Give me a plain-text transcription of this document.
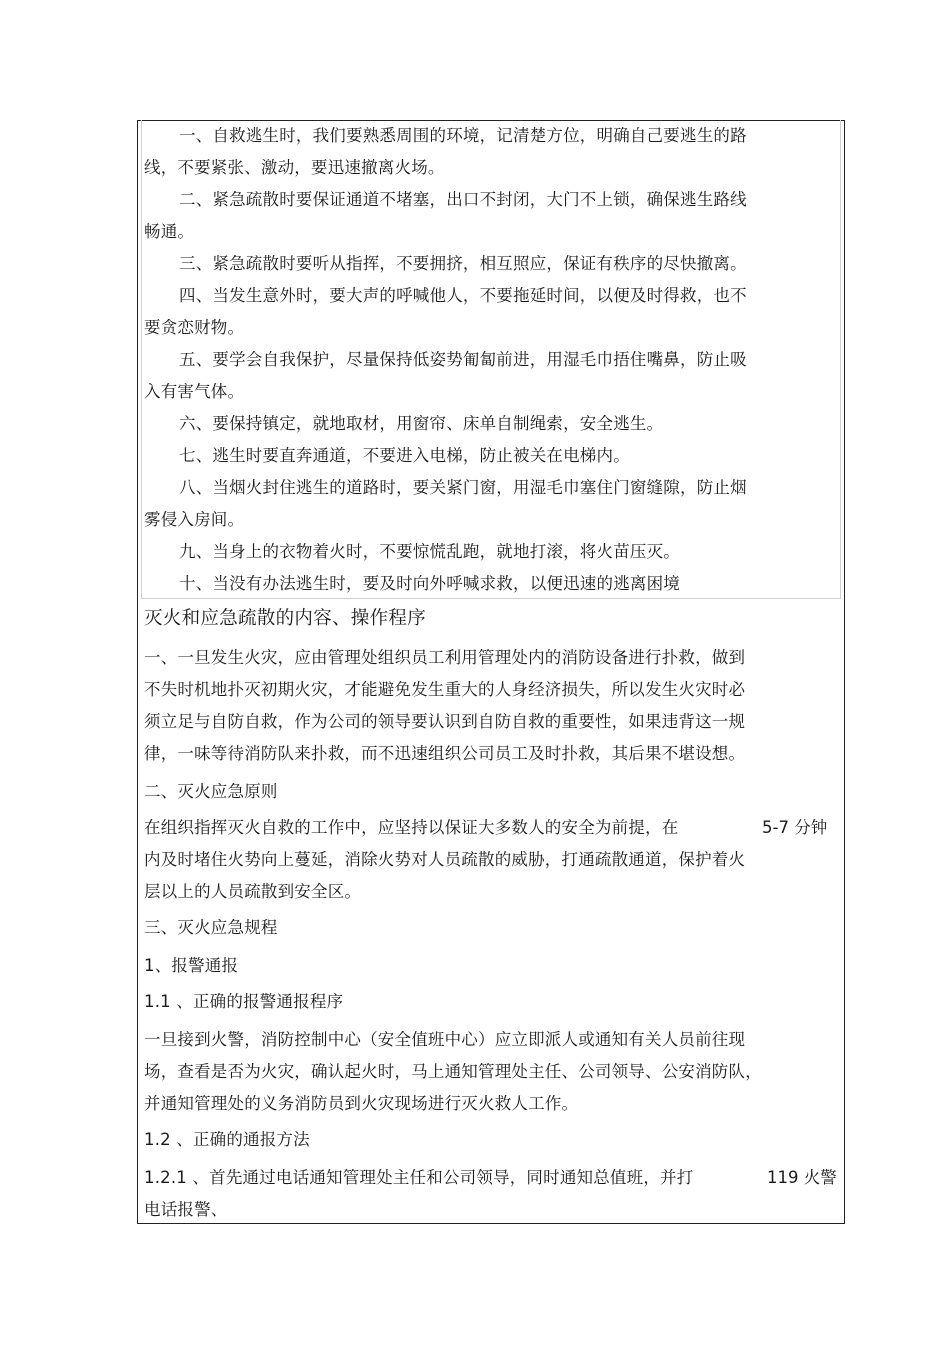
一、自救逃生时，我们要熟悉周围的环境，记清楚方位，明确自己要逃生的路
线，不要紧张、激动，要迅速撤离火场。
二、紧急疏散时要保证通道不堵塞，出口不封闭，大门不上锁，确保逃生路线
畅通。
三、紧急疏散时要听从指挥，不要拥挤，相互照应，保证有秩序的尽快撤离。
四、当发生意外时，要大声的呼喊他人，不要拖延时间，以便及时得救，也不
要贪恋财物。
五、要学会自我保护，尽量保持低姿势匍匐前进，用湿毛巾捂住嘴鼻，防止吸
入有害气体。
六、要保持镇定，就地取材，用窗帘、床单自制绳索，安全逃生。
七、逃生时要直奔通道，不要进入电梯，防止被关在电梯内。
八、当烟火封住逃生的道路时，要关紧门窗，用湿毛巾塞住门窗缝隙，防止烟
雾侵入房间。
九、当身上的衣物着火时，不要惊慌乱跑，就地打滚，将火苗压灭。
十、当没有办法逃生时，要及时向外呼喊求救，以便迅速的逃离困境
灭火和应急疏散的内容、操作程序
一、一旦发生火灾，应由管理处组织员工利用管理处内的消防设备进行扑救，做到
不失时机地扑灭初期火灾，才能避免发生重大的人身经济损失，所以发生火灾时必
须立足与自防自救，作为公司的领导要认识到自防自救的重要性，如果违背这一规
律，一味等待消防队来扑救，而不迅速组织公司员工及时扑救，其后果不堪设想。
二、灭火应急原则
在组织指挥灭火自救的工作中，应坚持以保证大多数人的安全为前提，在	5-7 分钟
内及时堵住火势向上蔓延，消除火势对人员疏散的威胁，打通疏散通道，保护着火
层以上的人员疏散到安全区。
三、灭火应急规程
1、报警通报
1.1 、正确的报警通报程序
一旦接到火警，消防控制中心（安全值班中心）应立即派人或通知有关人员前往现
场，查看是否为火灾，确认起火时，马上通知管理处主任、公司领导、公安消防队，
并通知管理处的义务消防员到火灾现场进行灭火救人工作。
1.2 、正确的通报方法
1.2.1 、首先通过电话通知管理处主任和公司领导，同时通知总值班，并打	119 火警
电话报警、
